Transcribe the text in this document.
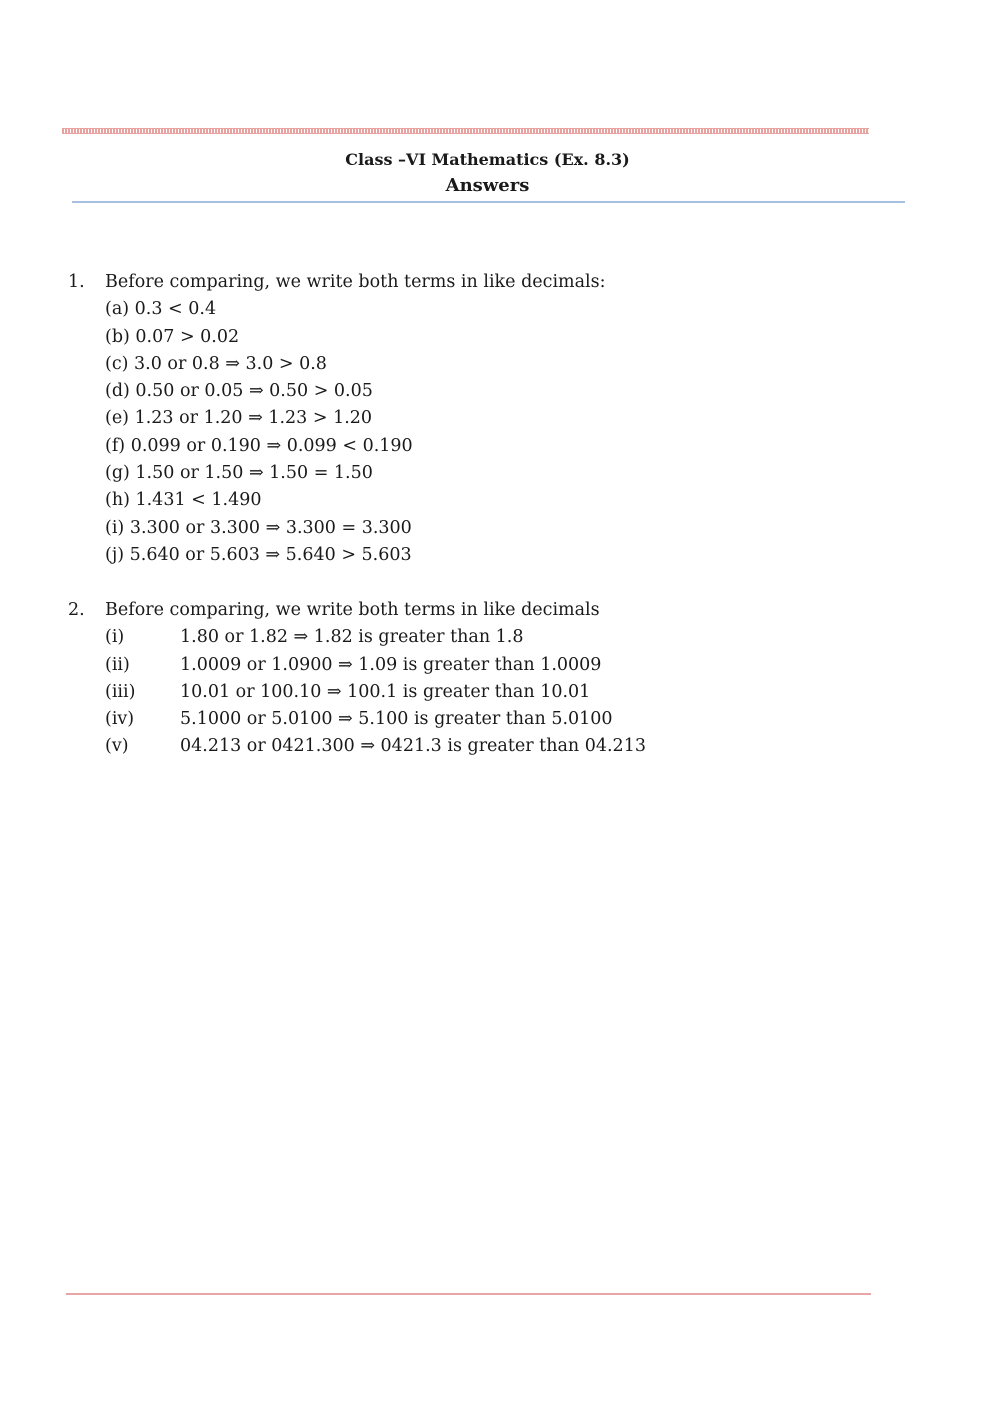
Class –VI Mathematics (Ex. 8.3)
Answers
1. Before comparing, we write both terms in like decimals:
(a) 0.3 < 0.4
(b) 0.07 > 0.02
(c) 3.0 or 0.8 ⇒ 3.0 > 0.8
(d) 0.50 or 0.05 ⇒ 0.50 > 0.05
(e) 1.23 or 1.20 ⇒ 1.23 > 1.20
(f) 0.099 or 0.190 ⇒ 0.099 < 0.190
(g) 1.50 or 1.50 ⇒ 1.50 = 1.50
(h) 1.431 < 1.490
(i) 3.300 or 3.300 ⇒ 3.300 = 3.300
(j) 5.640 or 5.603 ⇒ 5.640 > 5.603
2. Before comparing, we write both terms in like decimals
(i)	1.80 or 1.82 ⇒ 1.82 is greater than 1.8
(ii)	1.0009 or 1.0900 ⇒ 1.09 is greater than 1.0009
(iii)	10.01 or 100.10 ⇒ 100.1 is greater than 10.01
(iv)	5.1000 or 5.0100 ⇒ 5.100 is greater than 5.0100
(v)	04.213 or 0421.300 ⇒ 0421.3 is greater than 04.213
